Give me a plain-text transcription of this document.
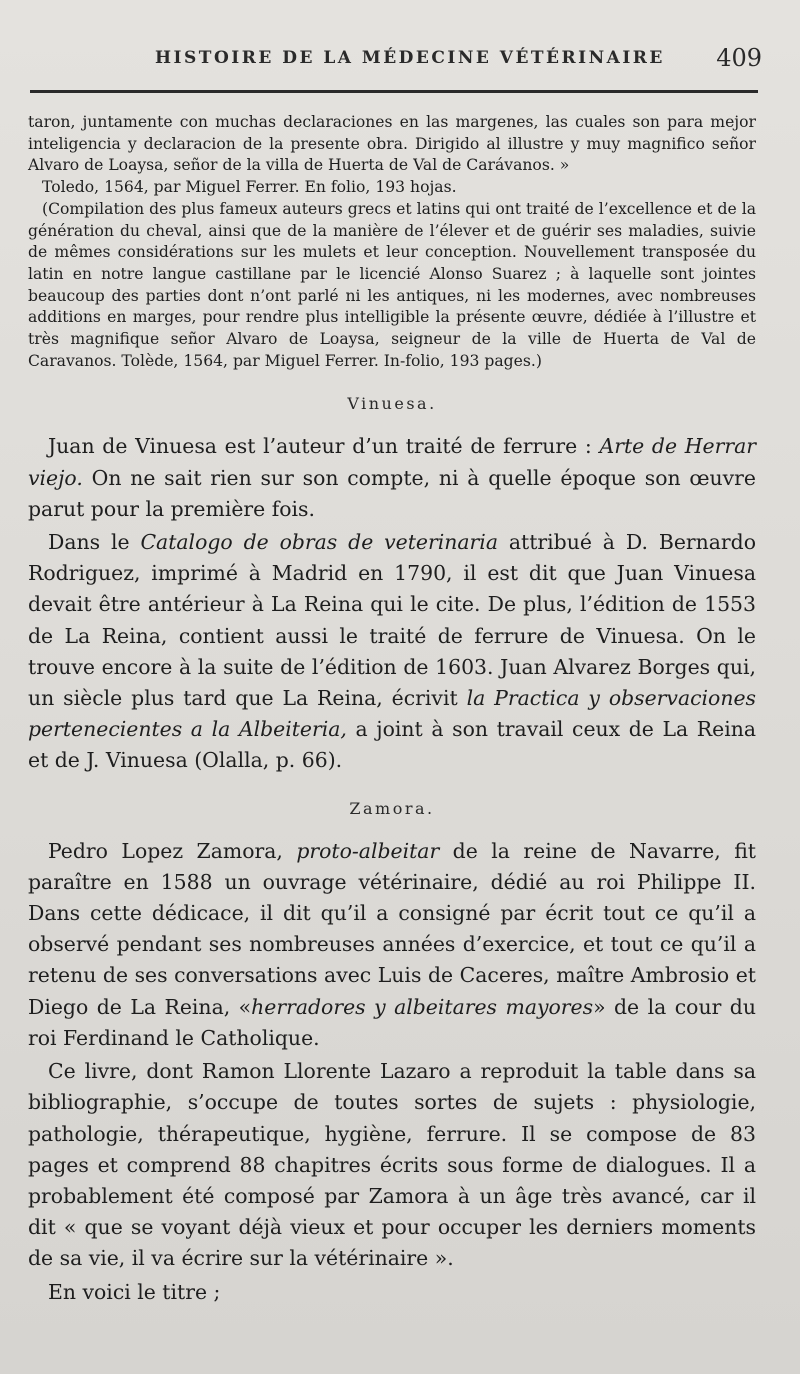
HISTOIRE DE LA MÉDECINE VÉTÉRINAIRE 409

taron, juntamente con muchas declaraciones en las margenes, las cuales son para mejor inteligencia y declaracion de la presente obra. Dirigido al illustre y muy magnifico señor Alvaro de Loaysa, señor de la villa de Huerta de Val de Carávanos. »

Toledo, 1564, par Miguel Ferrer. En folio, 193 hojas.

(Compilation des plus fameux auteurs grecs et latins qui ont traité de l’excellence et de la génération du cheval, ainsi que de la manière de l’élever et de guérir ses maladies, suivie de mêmes considérations sur les mulets et leur conception. Nouvellement transposée du latin en notre langue castillane par le licencié Alonso Suarez ; à laquelle sont jointes beaucoup des parties dont n’ont parlé ni les antiques, ni les modernes, avec nombreuses additions en marges, pour rendre plus intelligible la présente œuvre, dédiée à l’illustre et très magnifique señor Alvaro de Loaysa, seigneur de la ville de Huerta de Val de Caravanos. Tolède, 1564, par Miguel Ferrer. In-folio, 193 pages.)

Vinuesa.

Juan de Vinuesa est l’auteur d’un traité de ferrure : Arte de Herrar viejo. On ne sait rien sur son compte, ni à quelle époque son œuvre parut pour la première fois.

Dans le Catalogo de obras de veterinaria attribué à D. Bernardo Rodriguez, imprimé à Madrid en 1790, il est dit que Juan Vinuesa devait être antérieur à La Reina qui le cite. De plus, l’édition de 1553 de La Reina, contient aussi le traité de ferrure de Vinuesa. On le trouve encore à la suite de l’édition de 1603. Juan Alvarez Borges qui, un siècle plus tard que La Reina, écrivit la Practica y observaciones pertenecientes a la Albeiteria, a joint à son travail ceux de La Reina et de J. Vinuesa (Olalla, p. 66).

Zamora.

Pedro Lopez Zamora, proto-albeitar de la reine de Navarre, fit paraître en 1588 un ouvrage vétérinaire, dédié au roi Philippe II. Dans cette dédicace, il dit qu’il a consigné par écrit tout ce qu’il a observé pendant ses nombreuses années d’exercice, et tout ce qu’il a retenu de ses conversations avec Luis de Caceres, maître Ambrosio et Diego de La Reina, «herradores y albeitares mayores» de la cour du roi Ferdinand le Catholique.

Ce livre, dont Ramon Llorente Lazaro a reproduit la table dans sa bibliographie, s’occupe de toutes sortes de sujets : physiologie, pathologie, thérapeutique, hygiène, ferrure. Il se compose de 83 pages et comprend 88 chapitres écrits sous forme de dialogues. Il a probablement été composé par Zamora à un âge très avancé, car il dit « que se voyant déjà vieux et pour occuper les derniers moments de sa vie, il va écrire sur la vétérinaire ».

En voici le titre ;
